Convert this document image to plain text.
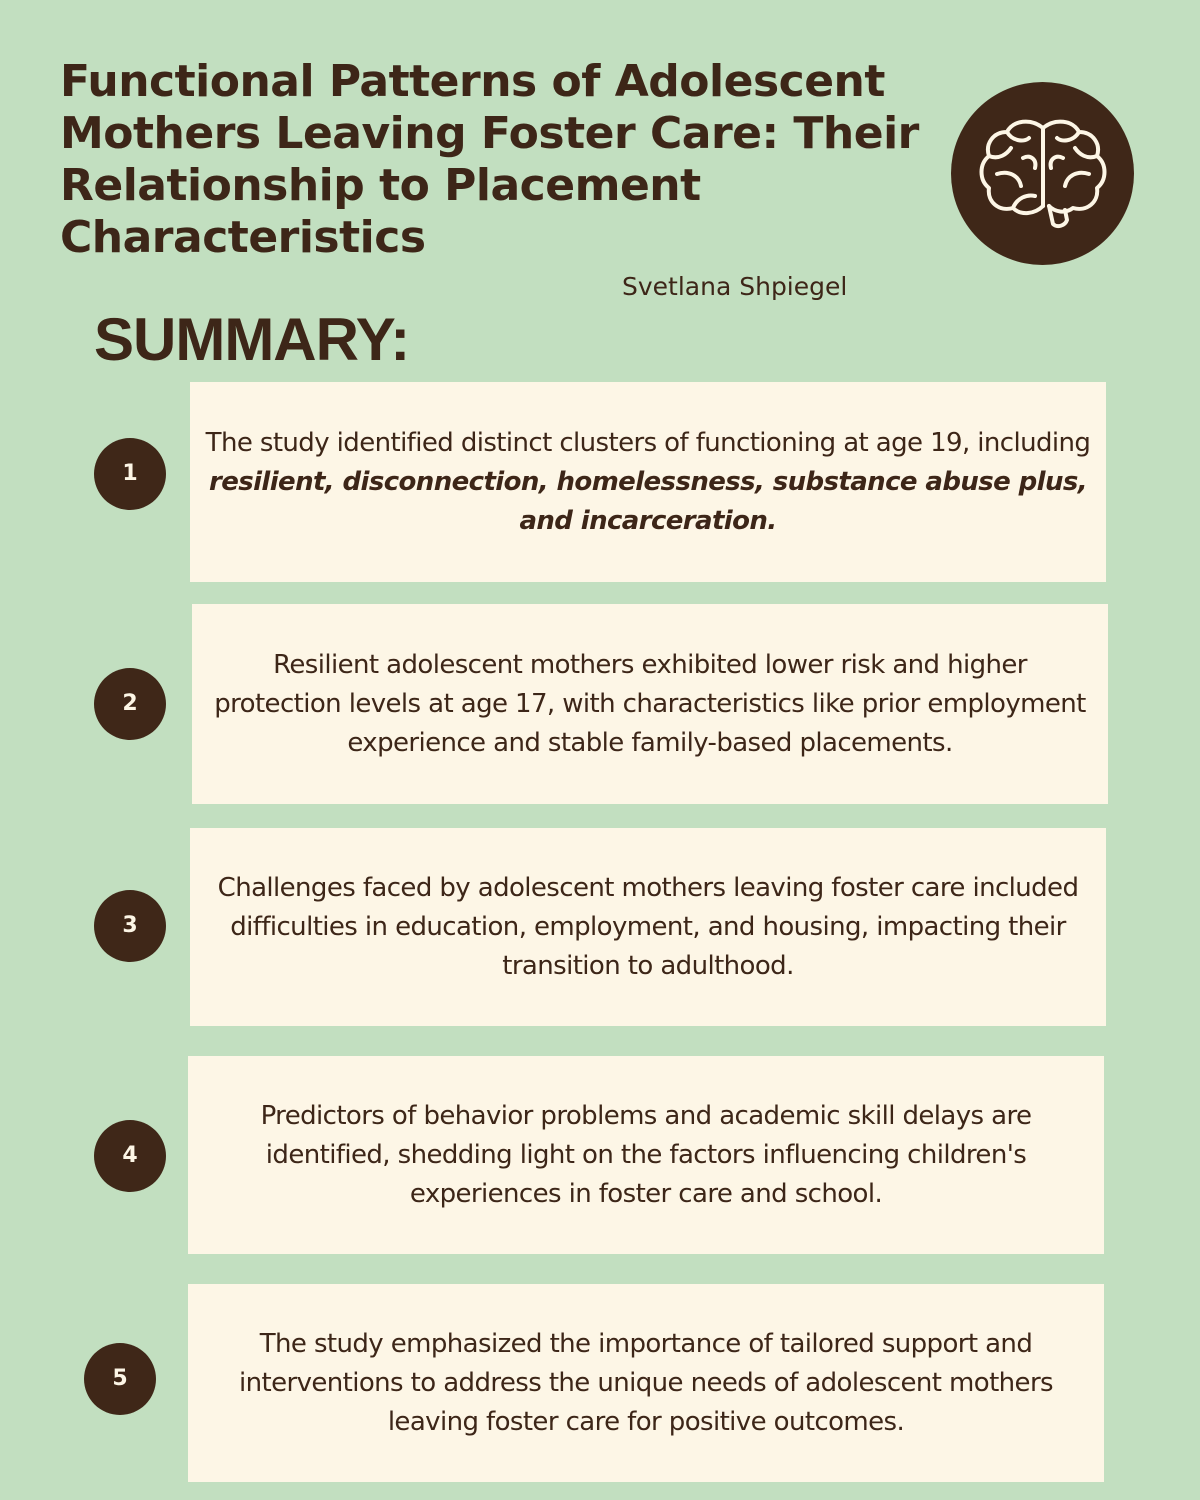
Functional Patterns of Adolescent Mothers Leaving Foster Care: Their Relationship to Placement Characteristics
Svetlana Shpiegel
SUMMARY:
1

The study identified distinct clusters of functioning at age 19, including resilient, disconnection, homelessness, substance abuse plus, and incarceration.

2

Resilient adolescent mothers exhibited lower risk and higher protection levels at age 17, with characteristics like prior employment experience and stable family-based placements.

3

Challenges faced by adolescent mothers leaving foster care included difficulties in education, employment, and housing, impacting their transition to adulthood.

4

Predictors of behavior problems and academic skill delays are identified, shedding light on the factors influencing children's experiences in foster care and school.

5

The study emphasized the importance of tailored support and interventions to address the unique needs of adolescent mothers leaving foster care for positive outcomes.
